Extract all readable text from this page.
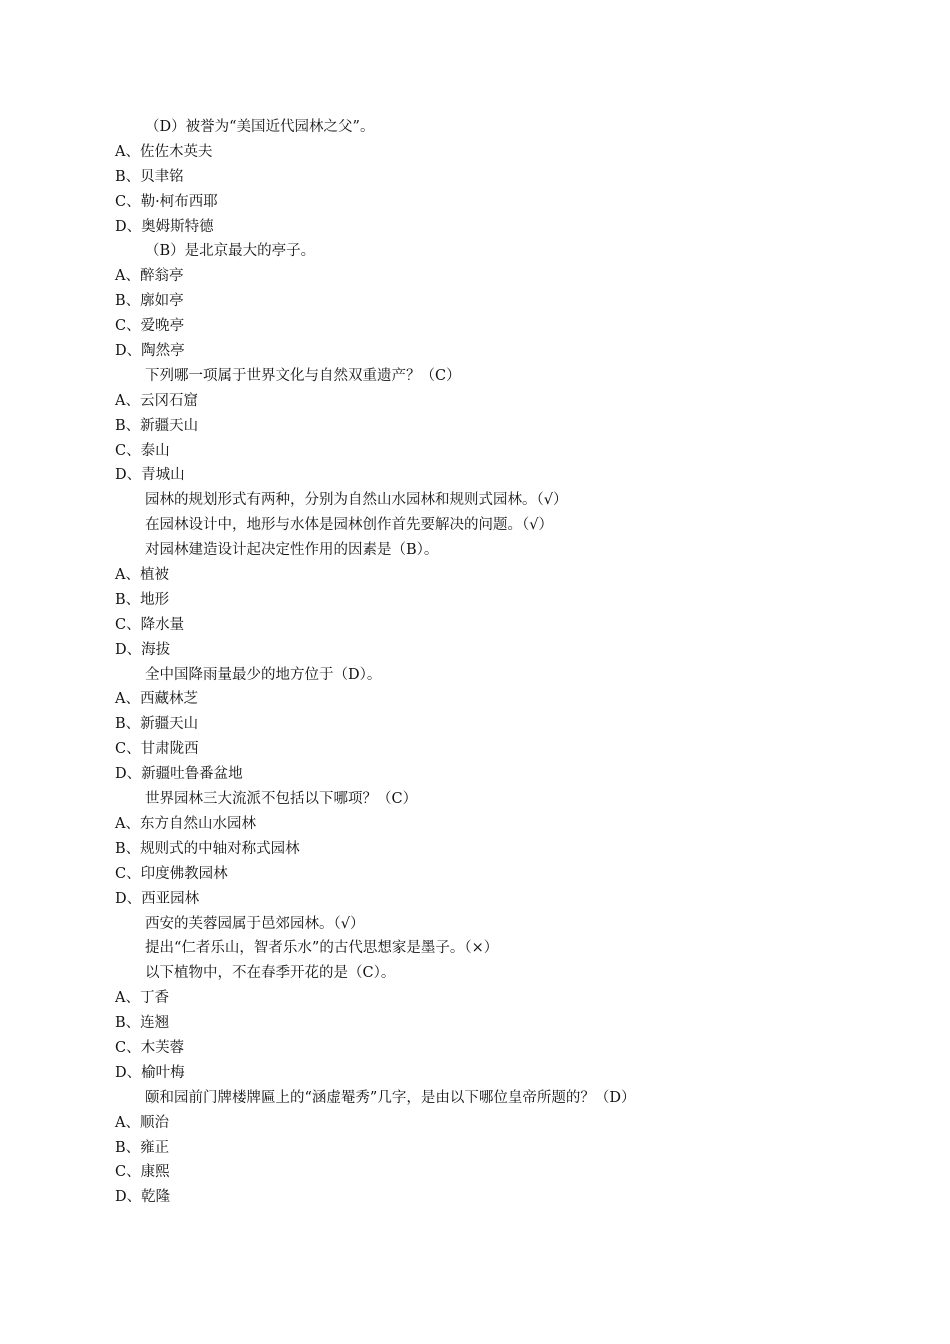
（D）被誉为“美国近代园林之父”。
A、佐佐木英夫
B、贝聿铭
C、勒·柯布西耶
D、奥姆斯特德
（B）是北京最大的亭子。
A、醉翁亭
B、廓如亭
C、爱晚亭
D、陶然亭
下列哪一项属于世界文化与自然双重遗产？（C）
A、云冈石窟
B、新疆天山
C、泰山
D、青城山
园林的规划形式有两种，分别为自然山水园林和规则式园林。（√）
在园林设计中，地形与水体是园林创作首先要解决的问题。（√）
对园林建造设计起决定性作用的因素是（B）。
A、植被
B、地形
C、降水量
D、海拔
全中国降雨量最少的地方位于（D）。
A、西藏林芝
B、新疆天山
C、甘肃陇西
D、新疆吐鲁番盆地
世界园林三大流派不包括以下哪项？（C）
A、东方自然山水园林
B、规则式的中轴对称式园林
C、印度佛教园林
D、西亚园林
西安的芙蓉园属于邑郊园林。（√）
提出“仁者乐山，智者乐水”的古代思想家是墨子。（×）
以下植物中，不在春季开花的是（C）。
A、丁香
B、连翘
C、木芙蓉
D、榆叶梅
颐和园前门牌楼牌匾上的“涵虚罨秀”几字，是由以下哪位皇帝所题的？（D）
A、顺治
B、雍正
C、康熙
D、乾隆
